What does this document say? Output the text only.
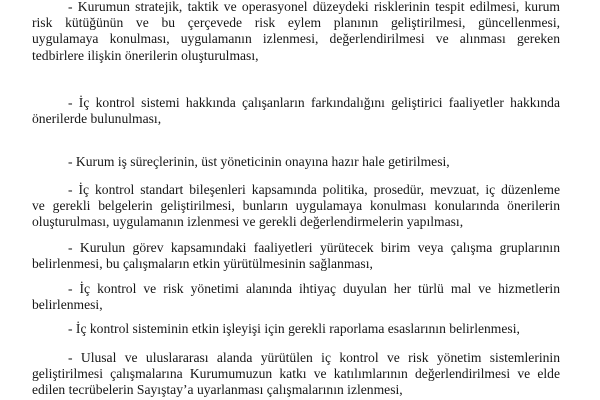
- Kurumun stratejik, taktik ve operasyonel düzeydeki risklerinin tespit edilmesi, kurum
risk kütüğünün ve bu çerçevede risk eylem planının geliştirilmesi, güncellenmesi,
uygulamaya konulması, uygulamanın izlenmesi, değerlendirilmesi ve alınması gereken
tedbirlere ilişkin önerilerin oluşturulması,
- İç kontrol sistemi hakkında çalışanların farkındalığını geliştirici faaliyetler hakkında
önerilerde bulunulması,
- Kurum iş süreçlerinin, üst yöneticinin onayına hazır hale getirilmesi,
- İç kontrol standart bileşenleri kapsamında politika, prosedür, mevzuat, iç düzenleme
ve gerekli belgelerin geliştirilmesi, bunların uygulamaya konulması konularında önerilerin
oluşturulması, uygulamanın izlenmesi ve gerekli değerlendirmelerin yapılması,
- Kurulun görev kapsamındaki faaliyetleri yürütecek birim veya çalışma gruplarının
belirlenmesi, bu çalışmaların etkin yürütülmesinin sağlanması,
- İç kontrol ve risk yönetimi alanında ihtiyaç duyulan her türlü mal ve hizmetlerin
belirlenmesi,
- İç kontrol sisteminin etkin işleyişi için gerekli raporlama esaslarının belirlenmesi,
- Ulusal ve uluslararası alanda yürütülen iç kontrol ve risk yönetim sistemlerinin
geliştirilmesi çalışmalarına Kurumumuzun katkı ve katılımlarının değerlendirilmesi ve elde
edilen tecrübelerin Sayıştay’a uyarlanması çalışmalarının izlenmesi,
